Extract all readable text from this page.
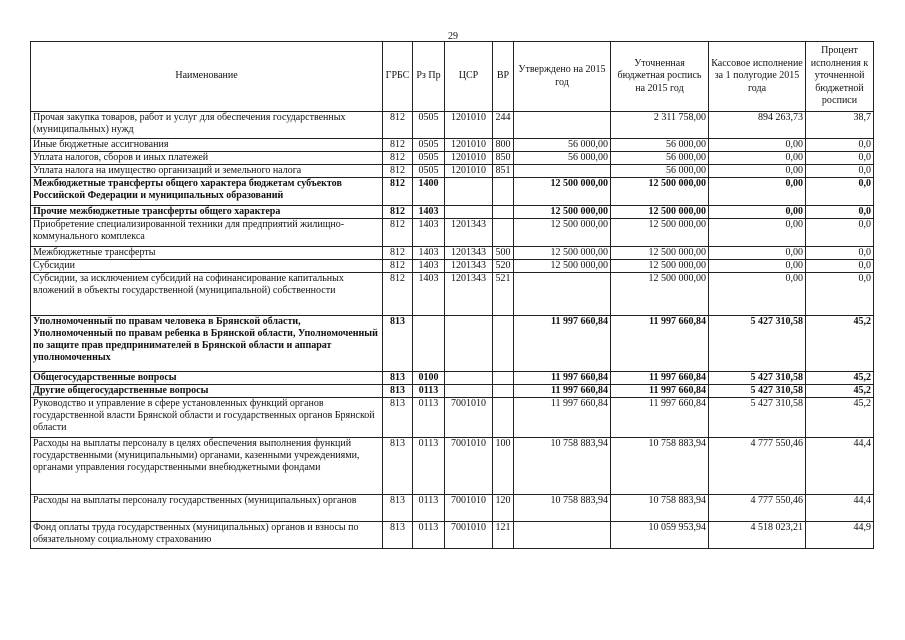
29
Наименование	ГРБС	Рз Пр	ЦСР	ВР	Утверждено на 2015 год	Уточненная бюджетная роспись на 2015 год	Кассовое исполнение за 1 полугодие 2015 года	Процент исполнения к уточненной бюджетной росписи
Прочая закупка товаров, работ и услуг для обеспечения государственных (муниципальных) нужд	812	0505	1201010	244		2 311 758,00	894 263,73	38,7
Иные бюджетные ассигнования	812	0505	1201010	800	56 000,00	56 000,00	0,00	0,0
Уплата налогов, сборов и иных платежей	812	0505	1201010	850	56 000,00	56 000,00	0,00	0,0
Уплата налога на имущество организаций и земельного налога	812	0505	1201010	851		56 000,00	0,00	0,0
Межбюджетные трансферты общего характера бюджетам субъектов Российской Федерации и муниципальных образований	812	1400			12 500 000,00	12 500 000,00	0,00	0,0
Прочие межбюджетные трансферты общего характера	812	1403			12 500 000,00	12 500 000,00	0,00	0,0
Приобретение специализированной техники для предприятий жилищно-коммунального комплекса	812	1403	1201343		12 500 000,00	12 500 000,00	0,00	0,0
Межбюджетные трансферты	812	1403	1201343	500	12 500 000,00	12 500 000,00	0,00	0,0
Субсидии	812	1403	1201343	520	12 500 000,00	12 500 000,00	0,00	0,0
Субсидии, за исключением субсидий на софинансирование капитальных вложений в объекты государственной (муниципальной) собственности	812	1403	1201343	521		12 500 000,00	0,00	0,0
Уполномоченный по правам человека в Брянской области, Уполномоченный по правам ребенка в Брянской области, Уполномоченный по защите прав предпринимателей в Брянской области и аппарат уполномоченных	813				11 997 660,84	11 997 660,84	5 427 310,58	45,2
Общегосударственные вопросы	813	0100			11 997 660,84	11 997 660,84	5 427 310,58	45,2
Другие общегосударственные вопросы	813	0113			11 997 660,84	11 997 660,84	5 427 310,58	45,2
Руководство и управление в сфере установленных функций органов государственной власти Брянской области и государственных органов Брянской области	813	0113	7001010		11 997 660,84	11 997 660,84	5 427 310,58	45,2
Расходы на выплаты персоналу в целях обеспечения выполнения функций государственными (муниципальными) органами, казенными учреждениями, органами управления государственными внебюджетными фондами	813	0113	7001010	100	10 758 883,94	10 758 883,94	4 777 550,46	44,4
Расходы на выплаты персоналу государственных (муниципальных) органов	813	0113	7001010	120	10 758 883,94	10 758 883,94	4 777 550,46	44,4
Фонд оплаты труда государственных (муниципальных) органов и взносы по обязательному социальному страхованию	813	0113	7001010	121		10 059 953,94	4 518 023,21	44,9
